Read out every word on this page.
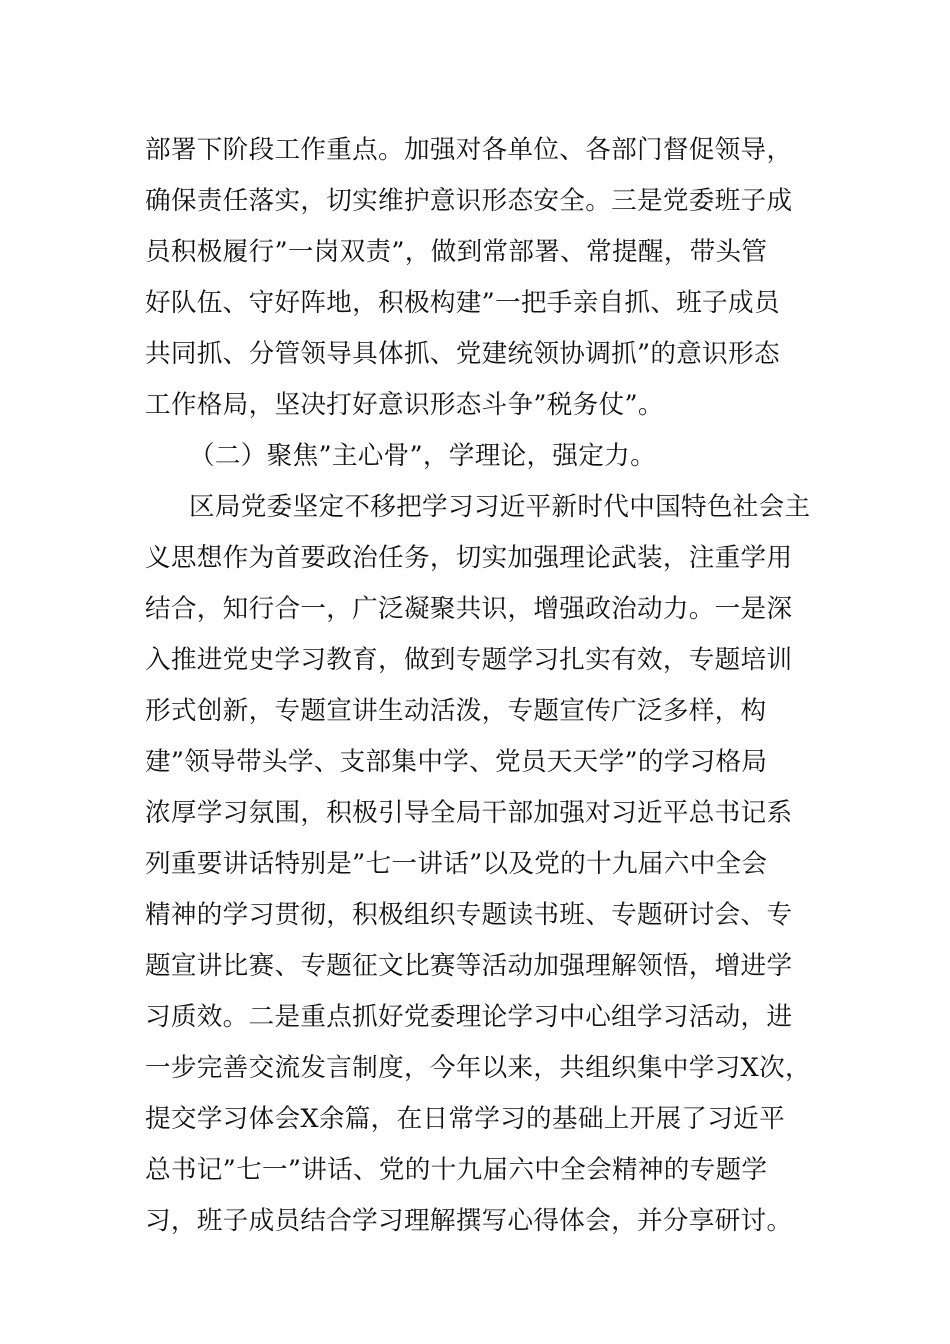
部署下阶段工作重点。加强对各单位、各部门督促领导，
确保责任落实，切实维护意识形态安全。三是党委班子成
员积极履行”一岗双责”，做到常部署、常提醒，带头管
好队伍、守好阵地，积极构建”一把手亲自抓、班子成员
共同抓、分管领导具体抓、党建统领协调抓”的意识形态
工作格局，坚决打好意识形态斗争”税务仗”。
（二）聚焦”主心骨”，学理论，强定力。
区局党委坚定不移把学习习近平新时代中国特色社会主
义思想作为首要政治任务，切实加强理论武装，注重学用
结合，知行合一，广泛凝聚共识，增强政治动力。一是深
入推进党史学习教育，做到专题学习扎实有效，专题培训
形式创新，专题宣讲生动活泼，专题宣传广泛多样，构
建”领导带头学、支部集中学、党员天天学”的学习格局
浓厚学习氛围，积极引导全局干部加强对习近平总书记系
列重要讲话特别是”七一讲话”以及党的十九届六中全会
精神的学习贯彻，积极组织专题读书班、专题研讨会、专
题宣讲比赛、专题征文比赛等活动加强理解领悟，增进学
习质效。二是重点抓好党委理论学习中心组学习活动，进
一步完善交流发言制度，今年以来，共组织集中学习X次，
提交学习体会X余篇，在日常学习的基础上开展了习近平
总书记”七一”讲话、党的十九届六中全会精神的专题学
习，班子成员结合学习理解撰写心得体会，并分享研讨。
